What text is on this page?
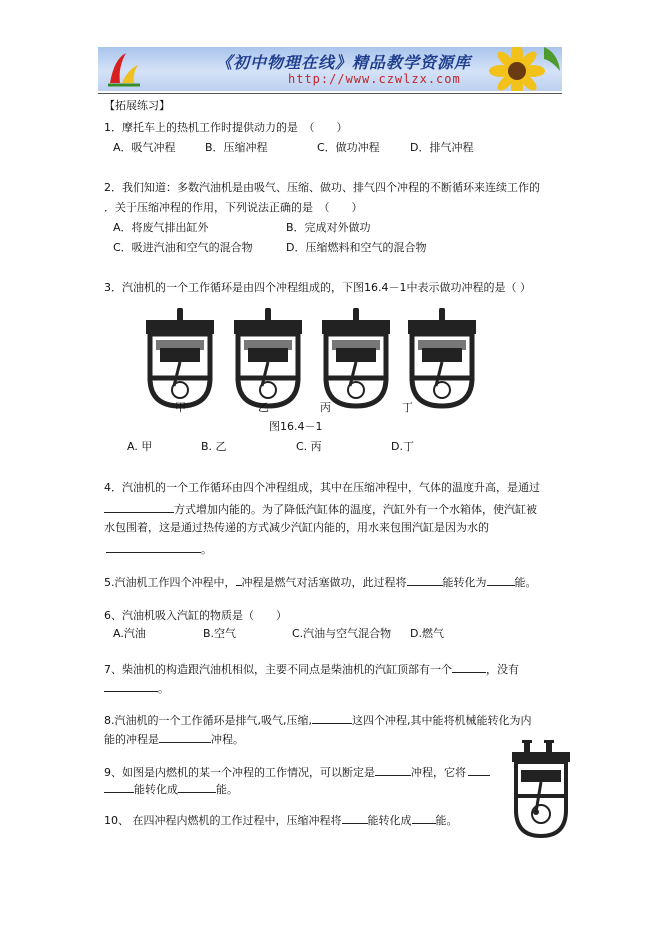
《初中物理在线》精品教学资源库
http://www.czwlzx.com
【拓展练习】
1．摩托车上的热机工作时提供动力的是　（　　）
A．吸气冲程	B．压缩冲程	C．做功冲程	D．排气冲程
2．我们知道：多数汽油机是由吸气、压缩、做功、排气四个冲程的不断循环来连续工作的
．关于压缩冲程的作用，下列说法正确的是　（　　）
A．将废气排出缸外	B．完成对外做功
C．吸进汽油和空气的混合物	D．压缩燃料和空气的混合物
3．汽油机的一个工作循环是由四个冲程组成的，下图16.4－1中表示做功冲程的是（ ）
甲	乙	丙	丁
图16.4－1
A. 甲	B. 乙	C. 丙	D.丁
4．汽油机的一个工作循环由四个冲程组成，其中在压缩冲程中，气体的温度升高，是通过
方式增加内能的。为了降低汽缸体的温度，汽缸外有一个水箱体，使汽缸被
水包围着，这是通过热传递的方式减少汽缸内能的，用水来包围汽缸是因为水的
。
5.汽油机工作四个冲程中， 冲程是燃气对活塞做功，此过程将	能转化为	能。
6、汽油机吸入汽缸的物质是（　　）
A.汽油	B.空气	C.汽油与空气混合物 D.燃气
7、柴油机的构造跟汽油机相似，主要不同点是柴油机的汽缸顶部有一个	，没有
。
8.汽油机的一个工作循环是排气,吸气,压缩,	这四个冲程,其中能将机械能转化为内
能的冲程是	冲程。
9、如图是内燃机的某一个冲程的工作情况，可以断定是	冲程，它将
能转化成	能。
10、 在四冲程内燃机的工作过程中，压缩冲程将 能转化成 能。
